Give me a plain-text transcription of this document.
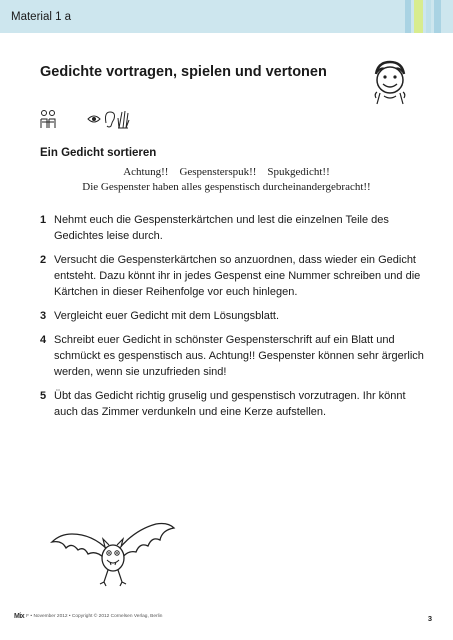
Material 1 a
Gedichte vortragen, spielen und vertonen
Ein Gedicht sortieren
Achtung!!    Gespensterspuk!!    Spukgedicht!!
Die Gespenster haben alles gespenstisch durcheinandergebracht!!
1 Nehmt euch die Gespensterkärtchen und lest die einzelnen Teile des Gedichtes leise durch.
2 Versucht die Gespensterkärtchen so anzuordnen, dass wieder ein Gedicht entsteht. Dazu könnt ihr in jedes Gespenst eine Nummer schreiben und die Kärtchen in dieser Reihenfolge vor euch hinlegen.
3 Vergleicht euer Gedicht mit dem Lösungsblatt.
4 Schreibt euer Gedicht in schönster Gespensterschrift auf ein Blatt und schmückt es gespenstisch aus. Achtung!! Gespenster können sehr ärgerlich werden, wenn sie unzufrieden sind!
5 Übt das Gedicht richtig gruselig und gespenstisch vorzutragen. Ihr könnt auch das Zimmer verdunkeln und eine Kerze aufstellen.
Mix F • November 2012 • Copyright © 2012 Cornelsen Verlag, Berlin	3
